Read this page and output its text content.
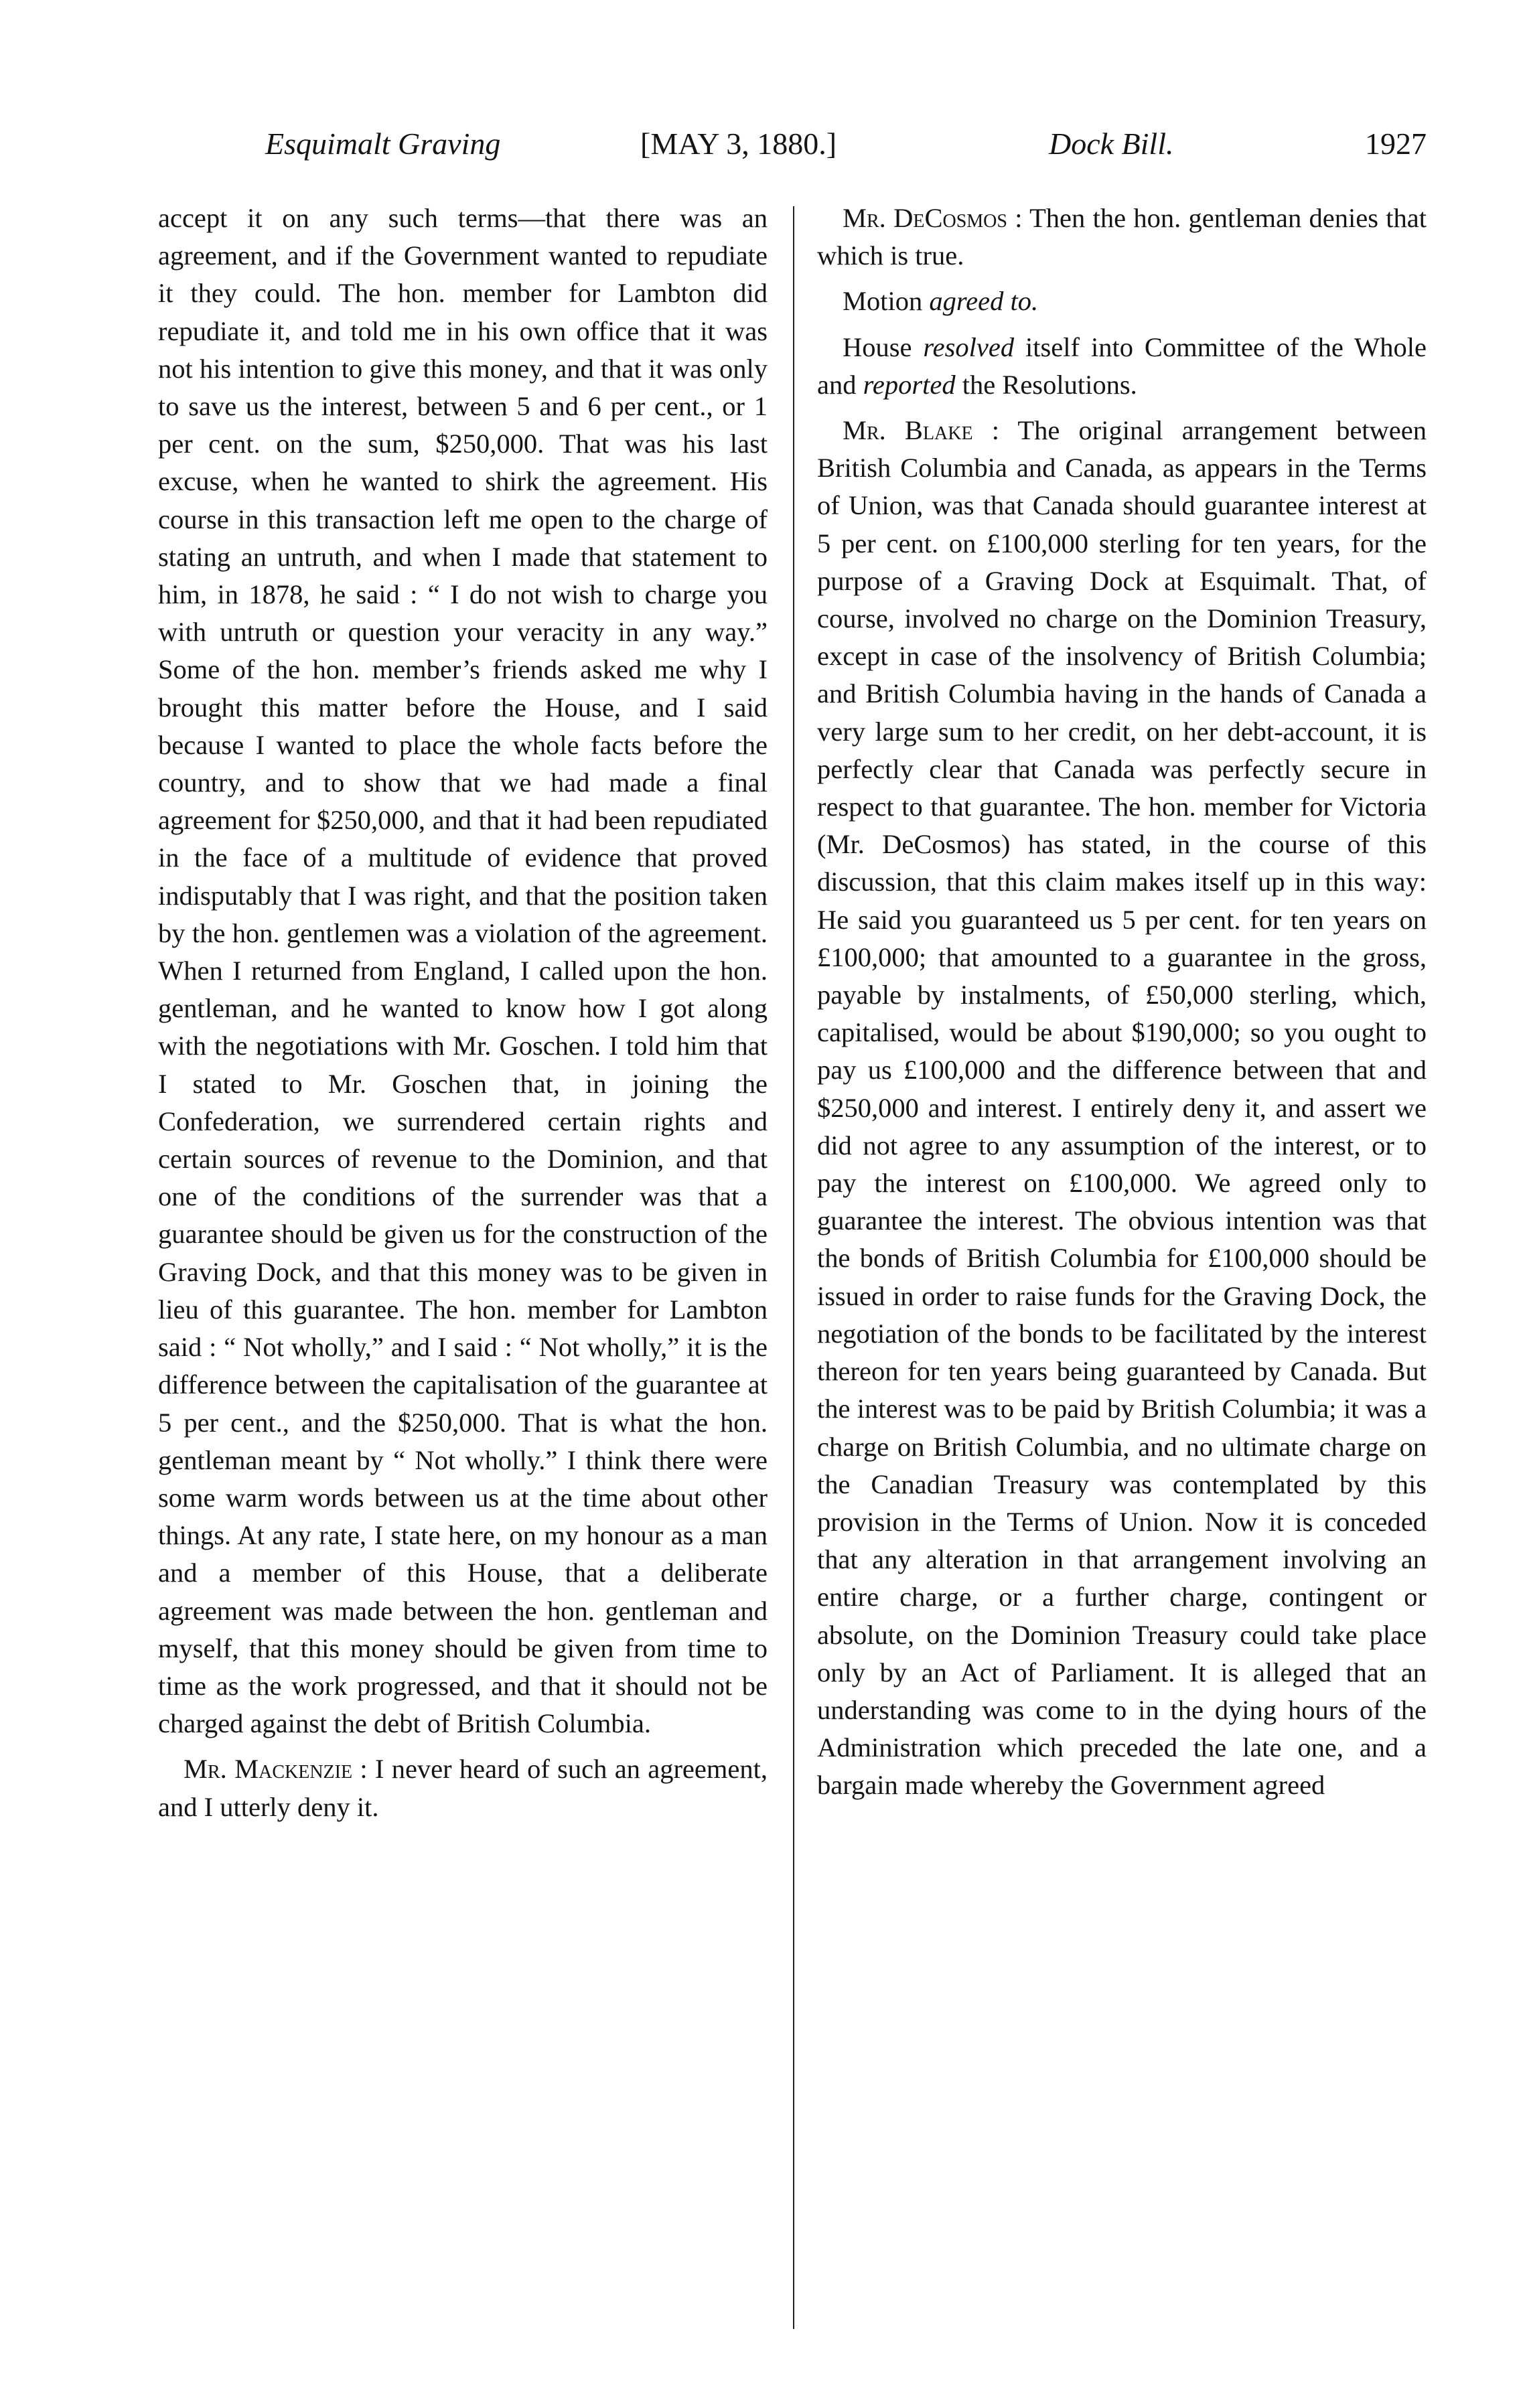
Esquimalt Graving	[MAY 3, 1880.]	Dock Bill.	1927

accept it on any such terms—that there was an agreement, and if the Government wanted to repudiate it they could. The hon. member for Lambton did repudiate it, and told me in his own office that it was not his intention to give this money, and that it was only to save us the interest, between 5 and 6 per cent., or 1 per cent. on the sum, $250,000. That was his last excuse, when he wanted to shirk the agreement. His course in this transaction left me open to the charge of stating an untruth, and when I made that statement to him, in 1878, he said : “ I do not wish to charge you with untruth or question your veracity in any way.” Some of the hon. member’s friends asked me why I brought this matter before the House, and I said because I wanted to place the whole facts before the country, and to show that we had made a final agreement for $250,000, and that it had been repudiated in the face of a multitude of evidence that proved indisputably that I was right, and that the position taken by the hon. gentlemen was a violation of the agreement. When I returned from England, I called upon the hon. gentleman, and he wanted to know how I got along with the negotiations with Mr. Goschen. I told him that I stated to Mr. Goschen that, in joining the Confederation, we surrendered certain rights and certain sources of revenue to the Dominion, and that one of the conditions of the surrender was that a guarantee should be given us for the construction of the Graving Dock, and that this money was to be given in lieu of this guarantee. The hon. member for Lambton said : “ Not wholly,” and I said : “ Not wholly,” it is the difference between the capitalisation of the guarantee at 5 per cent., and the $250,000. That is what the hon. gentleman meant by “ Not wholly.” I think there were some warm words between us at the time about other things. At any rate, I state here, on my honour as a man and a member of this House, that a deliberate agreement was made between the hon. gentleman and myself, that this money should be given from time to time as the work progressed, and that it should not be charged against the debt of British Columbia.

Mr. Mackenzie : I never heard of such an agreement, and I utterly deny it.

Mr. DeCosmos : Then the hon. gentleman denies that which is true.

Motion agreed to.

House resolved itself into Committee of the Whole and reported the Resolutions.

Mr. Blake : The original arrangement between British Columbia and Canada, as appears in the Terms of Union, was that Canada should guarantee interest at 5 per cent. on £100,000 sterling for ten years, for the purpose of a Graving Dock at Esquimalt. That, of course, involved no charge on the Dominion Treasury, except in case of the insolvency of British Columbia; and British Columbia having in the hands of Canada a very large sum to her credit, on her debt-account, it is perfectly clear that Canada was perfectly secure in respect to that guarantee. The hon. member for Victoria (Mr. DeCosmos) has stated, in the course of this discussion, that this claim makes itself up in this way: He said you guaranteed us 5 per cent. for ten years on £100,000; that amounted to a guarantee in the gross, payable by instalments, of £50,000 sterling, which, capitalised, would be about $190,000; so you ought to pay us £100,000 and the difference between that and $250,000 and interest. I entirely deny it, and assert we did not agree to any assumption of the interest, or to pay the interest on £100,000. We agreed only to guarantee the interest. The obvious intention was that the bonds of British Columbia for £100,000 should be issued in order to raise funds for the Graving Dock, the negotiation of the bonds to be facilitated by the interest thereon for ten years being guaranteed by Canada. But the interest was to be paid by British Columbia; it was a charge on British Columbia, and no ultimate charge on the Canadian Treasury was contemplated by this provision in the Terms of Union. Now it is conceded that any alteration in that arrangement involving an entire charge, or a further charge, contingent or absolute, on the Dominion Treasury could take place only by an Act of Parliament. It is alleged that an understanding was come to in the dying hours of the Administration which preceded the late one, and a bargain made whereby the Government agreed
